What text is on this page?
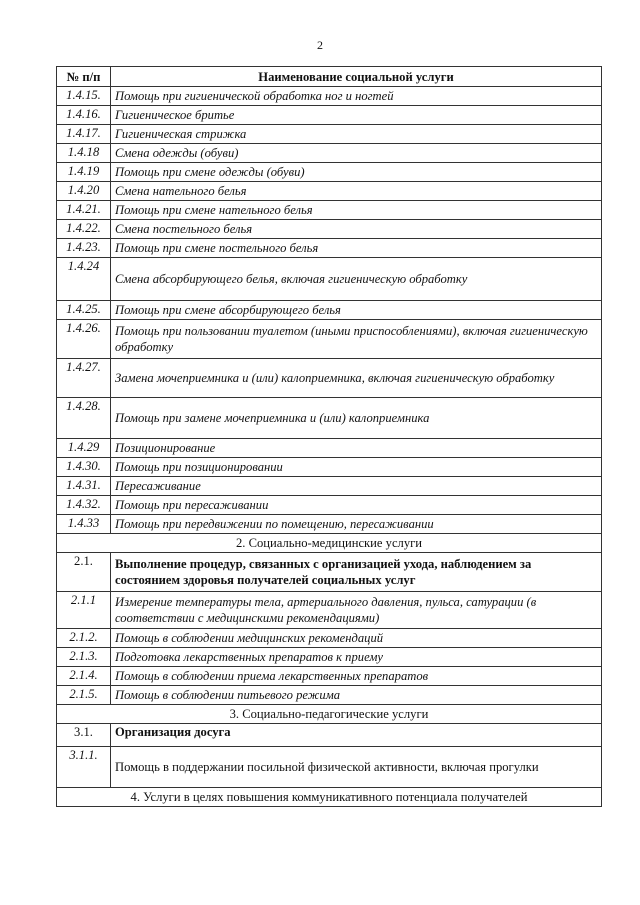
2
№ п/п	Наименование социальной услуги
1.4.15.	Помощь при гигиенической обработка ног и ногтей
1.4.16.	Гигиеническое бритье
1.4.17.	Гигиеническая стрижка
1.4.18	Смена одежды (обуви)
1.4.19	Помощь при смене одежды (обуви)
1.4.20	Смена нательного белья
1.4.21.	Помощь при смене нательного белья
1.4.22.	Смена постельного белья
1.4.23.	Помощь при смене постельного белья
1.4.24	Смена абсорбирующего белья, включая гигиеническую обработку
1.4.25.	Помощь при смене абсорбирующего белья
1.4.26.	Помощь при пользовании туалетом (иными приспособлениями), включая гигиеническую обработку
1.4.27.	Замена мочеприемника и (или) калоприемника, включая гигиеническую обработку
1.4.28.	Помощь при замене мочеприемника и (или) калоприемника
1.4.29	Позиционирование
1.4.30.	Помощь при позиционировании
1.4.31.	Пересаживание
1.4.32.	Помощь при пересаживании
1.4.33	Помощь при передвижении по помещению, пересаживании
2. Социально-медицинские услуги	
2.1.	Выполнение процедур, связанных с организацией ухода, наблюдением за состоянием здоровья получателей социальных услуг
2.1.1	Измерение температуры тела, артериального давления, пульса, сатурации (в соответствии с медицинскими рекомендациями)
2.1.2.	Помощь в соблюдении медицинских рекомендаций
2.1.3.	Подготовка лекарственных препаратов к приему
2.1.4.	Помощь в соблюдении приема лекарственных препаратов
2.1.5.	Помощь в соблюдении питьевого режима
3. Социально-педагогические услуги	
3.1.	Организация досуга
3.1.1.	Помощь в поддержании посильной физической активности, включая прогулки
4. Услуги в целях повышения коммуникативного потенциала получателей	
